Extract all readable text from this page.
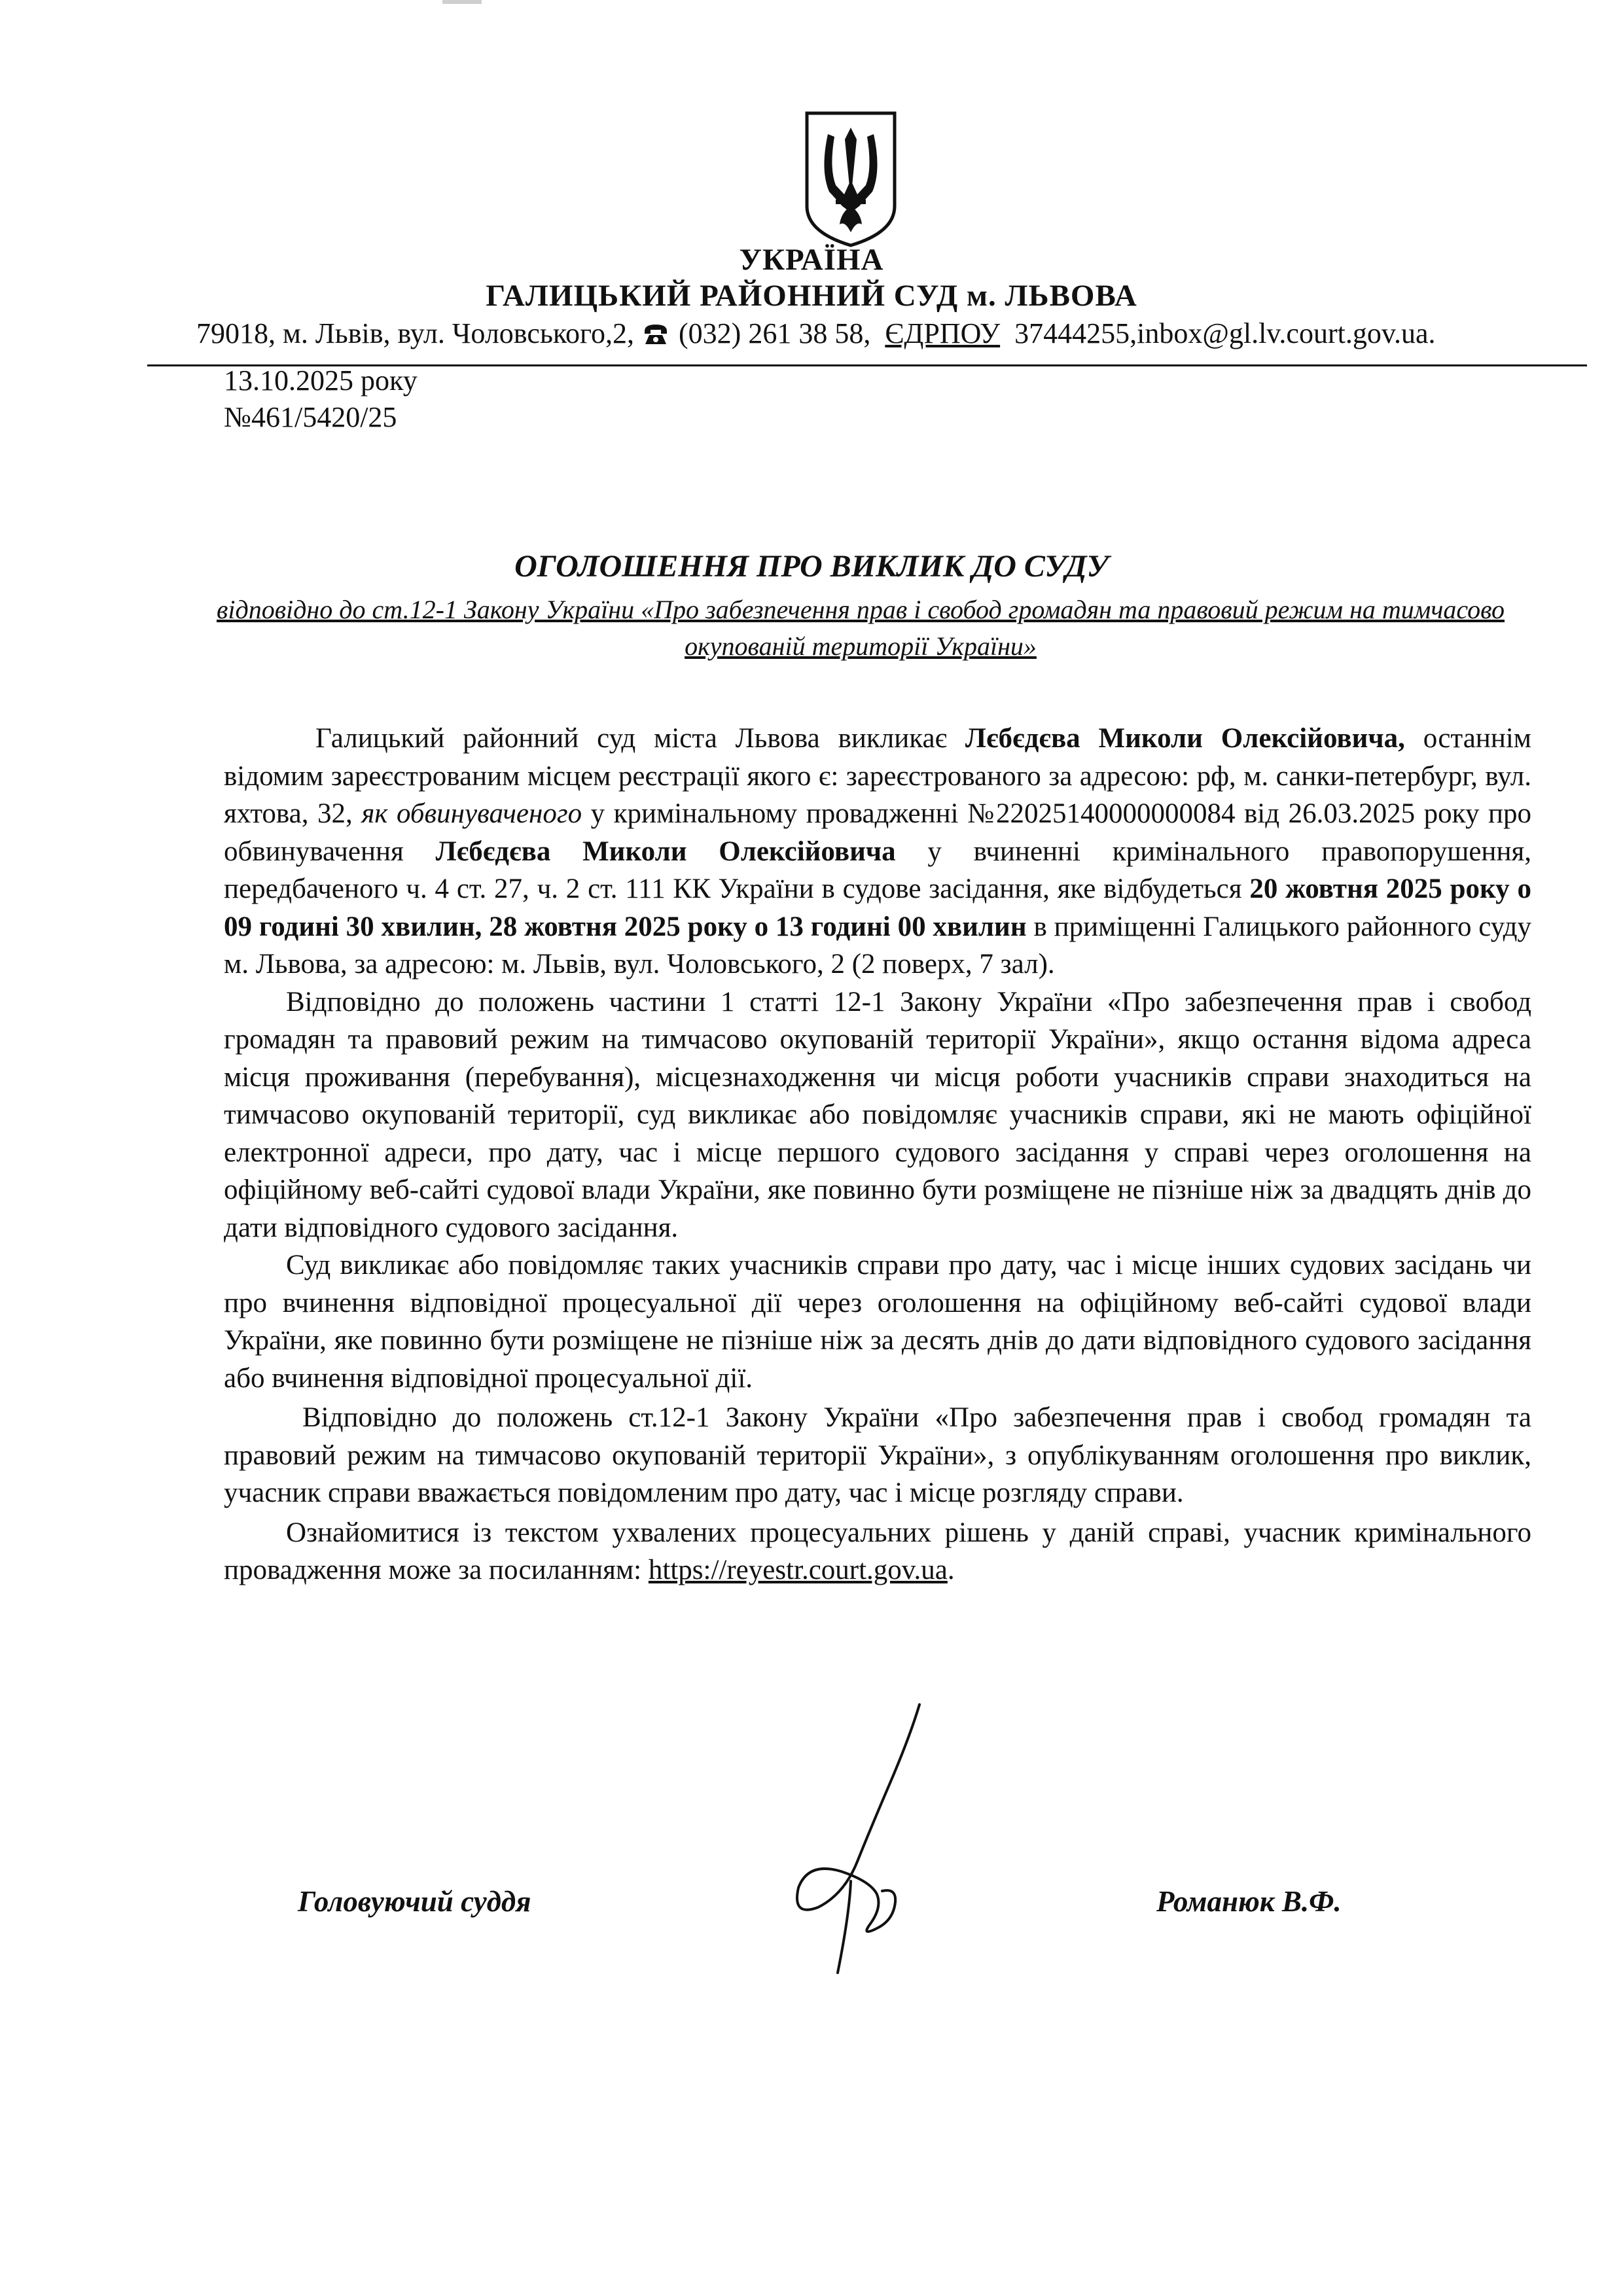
УКРАЇНА
ГАЛИЦЬКИЙ РАЙОННИЙ СУД м. ЛЬВОВА
79018, м. Львів, вул. Чоловського,2, (032) 261 38 58, ЄДРПОУ 37444255,inbox@gl.lv.court.gov.ua.
13.10.2025 року
№461/5420/25
ОГОЛОШЕННЯ ПРО ВИКЛИК ДО СУДУ
відповідно до ст.12-1 Закону України «Про забезпечення прав і свобод громадян та правовий режим на тимчасово окупованій території України»

Галицький районний суд міста Львова викликає Лєбєдєва Миколи Олексійовича, останнім відомим зареєстрованим місцем реєстрації якого є: зареєстрованого за адресою: рф, м. санки-петербург, вул. яхтова, 32, як обвинуваченого у кримінальному провадженні №22025140000000084 від 26.03.2025 року про обвинувачення Лєбєдєва Миколи Олексійовича у вчиненні кримінального правопорушення, передбаченого ч. 4 ст. 27, ч. 2 ст. 111 КК України в судове засідання, яке відбудеться 20 жовтня 2025 року о 09 годині 30 хвилин, 28 жовтня 2025 року о 13 годині 00 хвилин в приміщенні Галицького районного суду м. Львова, за адресою: м. Львів, вул. Чоловського, 2 (2 поверх, 7 зал).

Відповідно до положень частини 1 статті 12-1 Закону України «Про забезпечення прав і свобод громадян та правовий режим на тимчасово окупованій території України», якщо остання відома адреса місця проживання (перебування), місцезнаходження чи місця роботи учасників справи знаходиться на тимчасово окупованій території, суд викликає або повідомляє учасників справи, які не мають офіційної електронної адреси, про дату, час і місце першого судового засідання у справі через оголошення на офіційному веб-сайті судової влади України, яке повинно бути розміщене не пізніше ніж за двадцять днів до дати відповідного судового засідання.

Суд викликає або повідомляє таких учасників справи про дату, час і місце інших судових засідань чи про вчинення відповідної процесуальної дії через оголошення на офіційному веб-сайті судової влади України, яке повинно бути розміщене не пізніше ніж за десять днів до дати відповідного судового засідання або вчинення відповідної процесуальної дії.

Відповідно до положень ст.12-1 Закону України «Про забезпечення прав і свобод громадян та правовий режим на тимчасово окупованій території України», з опублікуванням оголошення про виклик, учасник справи вважається повідомленим про дату, час і місце розгляду справи.

Ознайомитися із текстом ухвалених процесуальних рішень у даній справі, учасник кримінального провадження може за посиланням: https://reyestr.court.gov.ua.

Головуючий суддя	Романюк В.Ф.
